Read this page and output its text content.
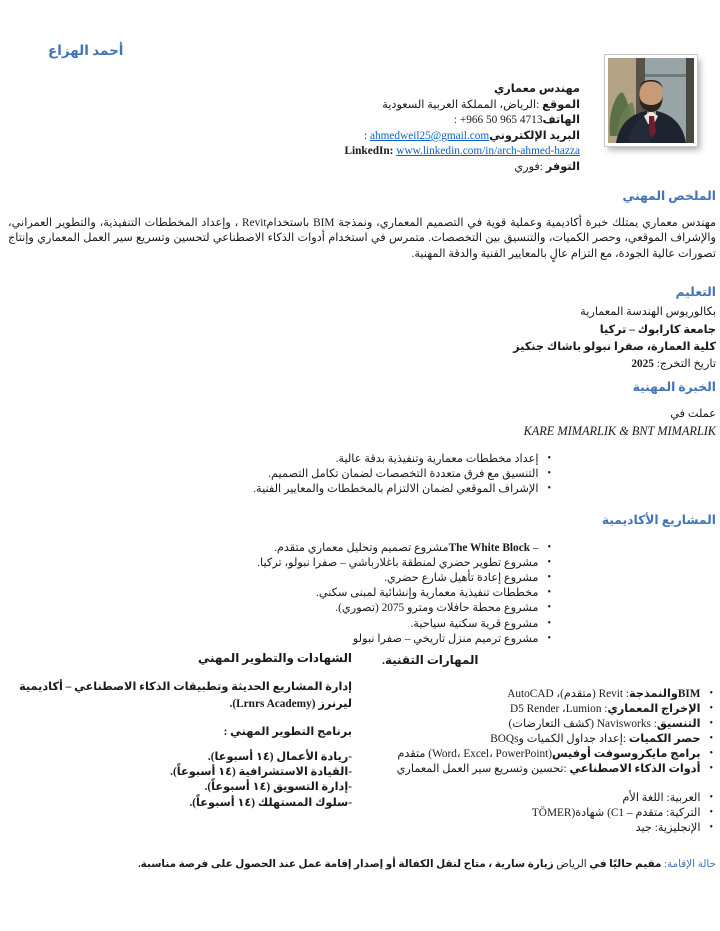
أحمد الهزاع
مهندس معماري
الموقع :الرياض، المملكة العربية السعودية
الهاتف+966 50 965 4713 :
البريد الإلكترونيahmedweil25@gmail.com :
LinkedIn: www.linkedin.com/in/arch-ahmed-hazza
التوفر :فوري
الملخص المهني
مهندس معماري يمتلك خبرة أكاديمية وعملية قوية في التصميم المعماري، ونمذجة BIM باستخدامRevit ، وإعداد المخططات التنفيذية، والتطوير العمراني، والإشراف الموقعي، وحصر الكميات، والتنسيق بين التخصصات. متمرس في استخدام أدوات الذكاء الاصطناعي لتحسين وتسريع سير العمل المعماري وإنتاج تصورات عالية الجودة، مع التزام عالٍ بالمعايير الفنية والدقة المهنية.
التعليم
بكالوريوس الهندسة المعمارية
جامعة كارابوك – تركيا
كلية العمارة، صفرا نبولو باشاك جنكيز
تاريخ التخرج: 2025
الخبرة المهنية
عملت في
KARE MIMARLIK & BNT MIMARLIK
•إعداد مخططات معمارية وتنفيذية بدقة عالية.
•التنسيق مع فرق متعددة التخصصات لضمان تكامل التصميم.
•الإشراف الموقعي لضمان الالتزام بالمخططات والمعايير الفنية.
المشاريع الأكاديمية
•– The White Blockمشروع تصميم وتحليل معماري متقدم.
•مشروع تطوير حضري لمنطقة باغلارباشي – صفرا نبولو، تركيا.
•مشروع إعادة تأهيل شارع حضري.
•مخططات تنفيذية معمارية وإنشائية لمبنى سكني.
•مشروع محطة حافلات ومترو 2075 (تصوري).
•مشروع قرية سكنية سياحية.
•مشروع ترميم منزل تاريخي – صفرا نبولو
المهارات التقنية.
•BIMوالنمذجة: Revit (متقدم)، AutoCAD
•الإخراج المعماري: D5 Render ،Lumion
•التنسيق: Navisworks (كشف التعارضات)
•حصر الكميات :إعداد جداول الكميات وBOQs
•برامج مايكروسوفت أوفيس(Word، Excel، PowerPoint) متقدم
•أدوات الذكاء الاصطناعي :تحسين وتسريع سير العمل المعماري
•العربية: اللغة الأم
•التركية: متقدم – C1) شهادة(TÖMER
•الإنجليزية: جيد
الشهادات والتطوير المهني
إدارة المشاريع الحديثة وتطبيقات الذكاء الاصطناعي – أكاديمية ليرنرز (Lrnrs Academy).
برنامج التطوير المهني :
-ريادة الأعمال (١٤ أسبوعا).
-القيادة الاستشرافية (١٤ أسبوعاً).
-إدارة التسويق (١٤ أسبوعاً).
-سلوك المستهلك (١٤ أسبوعاً).
حالة الإقامة: مقيم حاليًا في الرياض زيارة سارية ، متاح لنقل الكفالة أو إصدار إقامة عمل عند الحصول على فرصة مناسبة.
